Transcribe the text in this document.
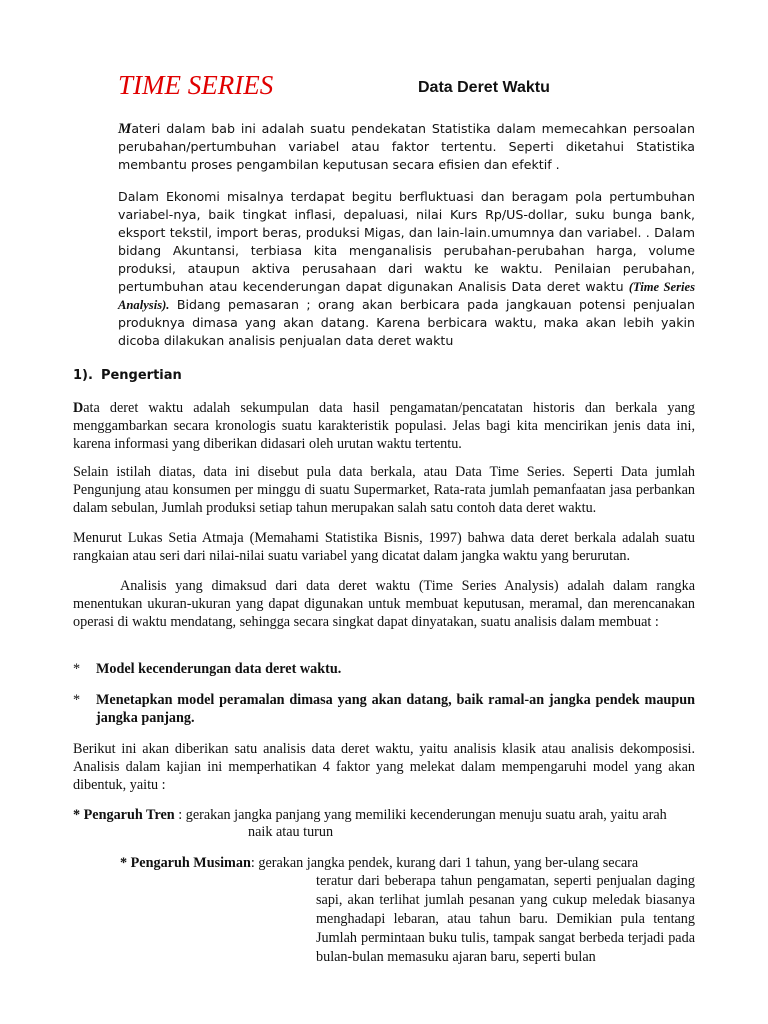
TIME SERIES	Data Deret Waktu

Materi dalam bab ini adalah suatu pendekatan Statistika dalam memecahkan persoalan perubahan/pertumbuhan variabel atau faktor tertentu. Seperti diketahui Statistika membantu proses pengambilan keputusan secara efisien dan efektif .

Dalam Ekonomi misalnya terdapat begitu berfluktuasi dan beragam pola pertumbuhan variabel-nya, baik tingkat inflasi, depaluasi, nilai Kurs Rp/US-dollar, suku bunga bank, eksport tekstil, import beras, produksi Migas, dan lain-lain.umumnya dan variabel. . Dalam bidang Akuntansi, terbiasa kita menganalisis perubahan-perubahan harga, volume produksi, ataupun aktiva perusahaan dari waktu ke waktu. Penilaian perubahan, pertumbuhan atau kecenderungan dapat digunakan Analisis Data deret waktu (Time Series Analysis). Bidang pemasaran ; orang akan berbicara pada jangkauan potensi penjualan produknya dimasa yang akan datang. Karena berbicara waktu, maka akan lebih yakin dicoba dilakukan analisis penjualan data deret waktu

1). Pengertian

Data deret waktu adalah sekumpulan data hasil pengamatan/pencatatan historis dan berkala yang menggambarkan secara kronologis suatu karakteristik populasi. Jelas bagi kita mencirikan jenis data ini, karena informasi yang diberikan didasari oleh urutan waktu tertentu.

Selain istilah diatas, data ini disebut pula data berkala, atau Data Time Series. Seperti Data jumlah Pengunjung atau konsumen per minggu di suatu Supermarket, Rata-rata jumlah pemanfaatan jasa perbankan dalam sebulan, Jumlah produksi setiap tahun merupakan salah satu contoh data deret waktu.

Menurut Lukas Setia Atmaja (Memahami Statistika Bisnis, 1997) bahwa data deret berkala adalah suatu rangkaian atau seri dari nilai-nilai suatu variabel yang dicatat dalam jangka waktu yang berurutan.

Analisis yang dimaksud dari data deret waktu (Time Series Analysis) adalah dalam rangka menentukan ukuran-ukuran yang dapat digunakan untuk membuat keputusan, meramal, dan merencanakan operasi di waktu mendatang, sehingga secara singkat dapat dinyatakan, suatu analisis dalam membuat :

*	Model kecenderungan data deret waktu.
*	Menetapkan model peramalan dimasa yang akan datang, baik ramal-an jangka pendek maupun jangka panjang.

Berikut ini akan diberikan satu analisis data deret waktu, yaitu analisis klasik atau analisis dekomposisi. Analisis dalam kajian ini memperhatikan 4 faktor yang melekat dalam mempengaruhi model yang akan dibentuk, yaitu :

* Pengaruh Tren : gerakan jangka panjang yang memiliki kecenderungan menuju suatu arah, yaitu arah
naik atau turun
* Pengaruh Musiman: gerakan jangka pendek, kurang dari 1 tahun, yang ber-ulang secara

teratur dari beberapa tahun pengamatan, seperti penjualan daging sapi, akan terlihat jumlah pesanan yang cukup meledak biasanya menghadapi lebaran, atau tahun baru. Demikian pula tentang Jumlah permintaan buku tulis, tampak sangat berbeda terjadi pada bulan-bulan memasuku ajaran baru, seperti bulan
